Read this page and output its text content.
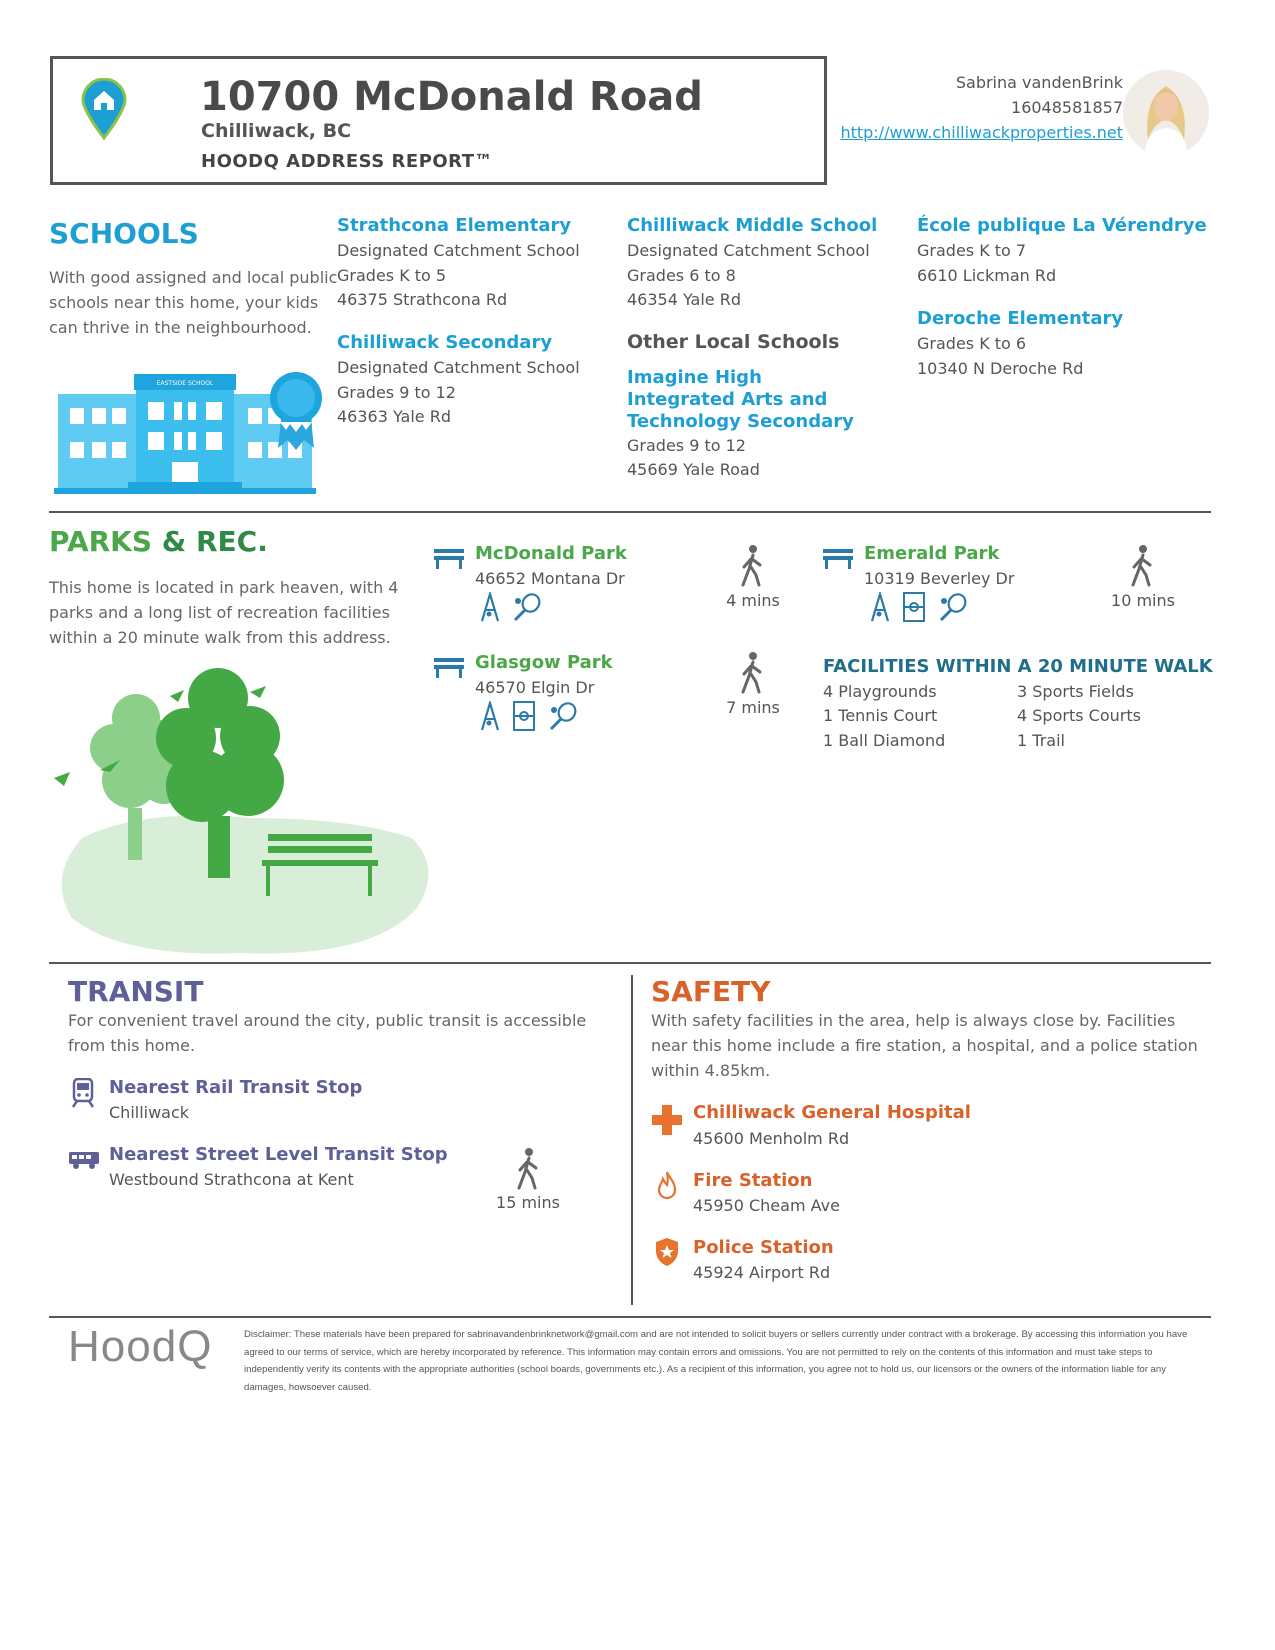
10700 McDonald Road
Chilliwack, BC
HOODQ ADDRESS REPORT™
Sabrina vandenBrink
16048581857
http://www.chilliwackproperties.net
SCHOOLS
With good assigned and local public schools near this home, your kids can thrive in the neighbourhood.
EASTSIDE SCHOOL
Strathcona Elementary
Designated Catchment School
Grades K to 5
46375 Strathcona Rd
Chilliwack Secondary
Designated Catchment School
Grades 9 to 12
46363 Yale Rd
Chilliwack Middle School
Designated Catchment School
Grades 6 to 8
46354 Yale Rd
Other Local Schools
Imagine High Integrated Arts and Technology Secondary
Grades 9 to 12
45669 Yale Road
École publique La Vérendrye
Grades K to 7
6610 Lickman Rd
Deroche Elementary
Grades K to 6
10340 N Deroche Rd
PARKS & REC.
This home is located in park heaven, with 4 parks and a long list of recreation facilities within a 20 minute walk from this address.
McDonald Park
46652 Montana Dr
4 mins
Glasgow Park
46570 Elgin Dr
7 mins
Emerald Park
10319 Beverley Dr
10 mins
FACILITIES WITHIN A 20 MINUTE WALK
4 Playgrounds	3 Sports Fields
1 Tennis Court	4 Sports Courts
1 Ball Diamond	1 Trail
TRANSIT
For convenient travel around the city, public transit is accessible from this home.
Nearest Rail Transit Stop
Chilliwack
Nearest Street Level Transit Stop
Westbound Strathcona at Kent
15 mins
SAFETY
With safety facilities in the area, help is always close by. Facilities near this home include a fire station, a hospital, and a police station within 4.85km.
Chilliwack General Hospital
45600 Menholm Rd
Fire Station
45950 Cheam Ave
Police Station
45924 Airport Rd
HoodQ	Disclaimer: These materials have been prepared for sabrinavandenbrinknetwork@gmail.com and are not intended to solicit buyers or sellers currently under contract with a brokerage. By accessing this information you have agreed to our terms of service, which are hereby incorporated by reference. This information may contain errors and omissions. You are not permitted to rely on the contents of this information and must take steps to independently verify its contents with the appropriate authorities (school boards, governments etc.). As a recipient of this information, you agree not to hold us, our licensors or the owners of the information liable for any damages, howsoever caused.
